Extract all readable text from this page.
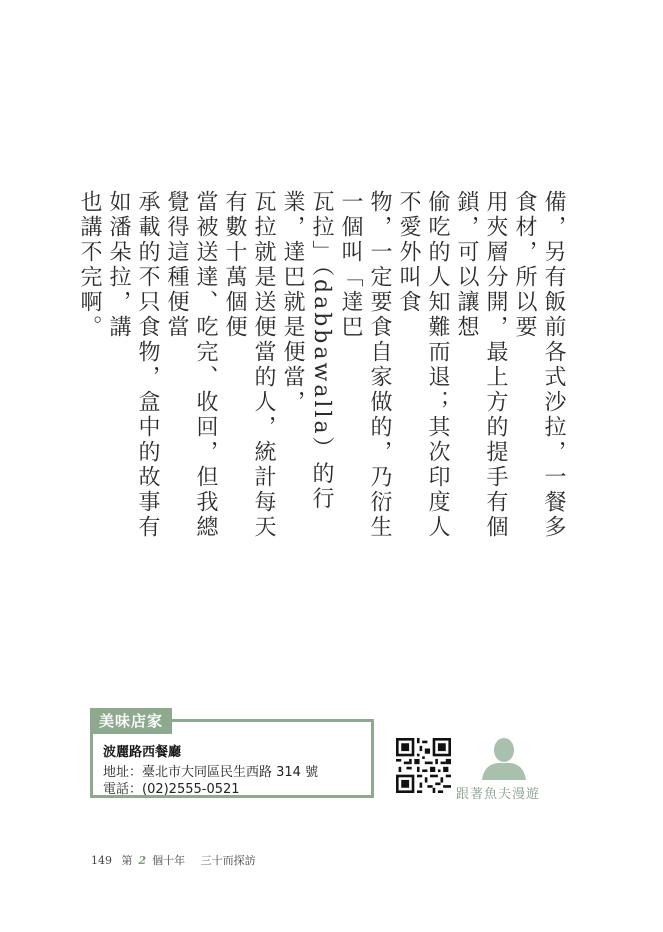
備，另有飯前各式沙拉，一餐多食材，所以要

用夾層分開，最上方的提手有個鎖，可以讓想

偷吃的人知難而退；其次印度人不愛外叫食

物，一定要食自家做的，乃衍生一個叫「達巴

瓦拉」（dabbawalla）的行業，達巴就是便當，

瓦拉就是送便當的人，統計每天有數十萬個便

當被送達、吃完、收回，但我總覺得這種便當

承載的不只食物，盒中的故事有如潘朵拉，講

也講不完啊。

美味店家
波麗路西餐廳
地址：臺北市大同區民生西路 314 號
電話：(02)2555-0521	跟著魚夫漫遊
149 第 2 個十年 三十而探訪
